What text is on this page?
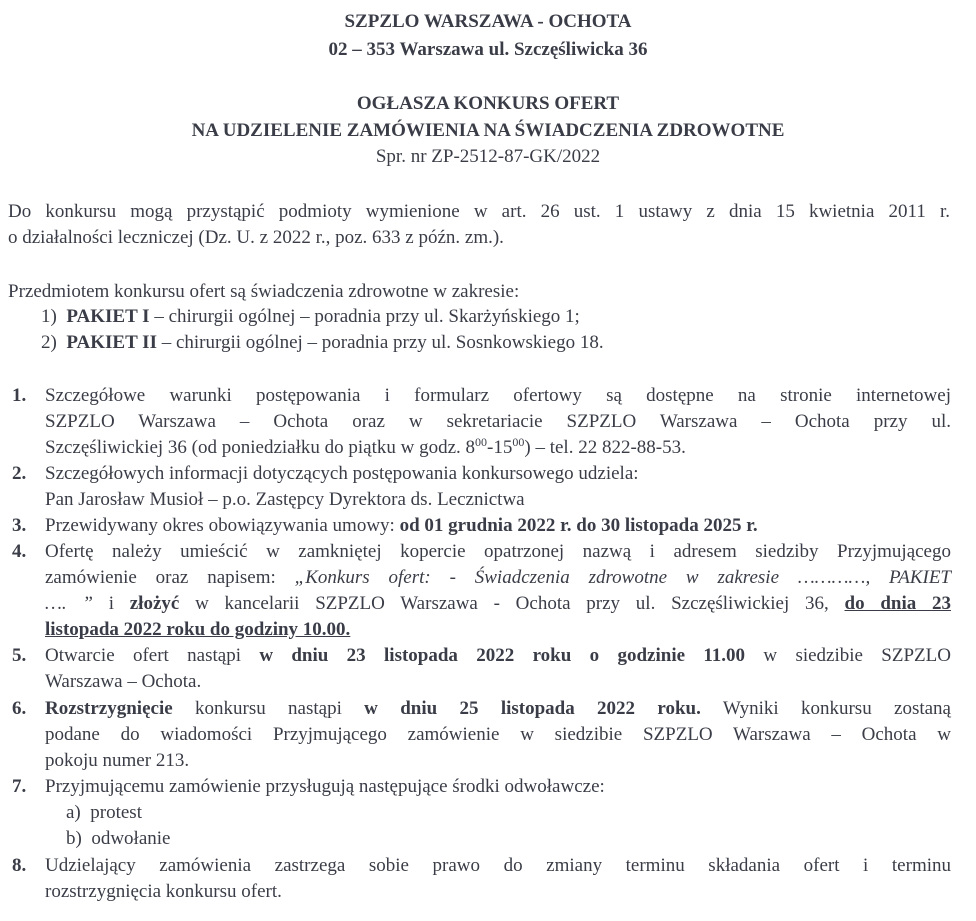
SZPZLO WARSZAWA - OCHOTA
02 – 353 Warszawa ul. Szczęśliwicka 36
OGŁASZA KONKURS OFERT
NA UDZIELENIE ZAMÓWIENIA NA ŚWIADCZENIA ZDROWOTNE
Spr. nr ZP-2512-87-GK/2022
Do konkursu mogą przystąpić podmioty wymienione w art. 26 ust. 1 ustawy z dnia 15 kwietnia 2011 r.
o działalności leczniczej (Dz. U. z 2022 r., poz. 633 z późn. zm.).
Przedmiotem konkursu ofert są świadczenia zdrowotne w zakresie:
1) PAKIET I – chirurgii ogólnej – poradnia przy ul. Skarżyńskiego 1;
2) PAKIET II – chirurgii ogólnej – poradnia przy ul. Sosnkowskiego 18.
1. Szczegółowe warunki postępowania i formularz ofertowy są dostępne na stronie internetowej
SZPZLO Warszawa – Ochota oraz w sekretariacie SZPZLO Warszawa – Ochota przy ul.
Szczęśliwickiej 36 (od poniedziałku do piątku w godz. $8^{00}-15^{00}$) – tel. 22 822-88-53.
2. Szczegółowych informacji dotyczących postępowania konkursowego udziela:
Pan Jarosław Musioł – p.o. Zastępcy Dyrektora ds. Lecznictwa
3. Przewidywany okres obowiązywania umowy: od 01 grudnia 2022 r. do 30 listopada 2025 r.
4. Ofertę należy umieścić w zamkniętej kopercie opatrzonej nazwą i adresem siedziby Przyjmującego
zamówienie oraz napisem: „Konkurs ofert: - Świadczenia zdrowotne w zakresie …………, PAKIET
…. ” i złożyć w kancelarii SZPZLO Warszawa - Ochota przy ul. Szczęśliwickiej 36, do dnia 23
listopada 2022 roku do godziny 10.00.
5. Otwarcie ofert nastąpi w dniu 23 listopada 2022 roku o godzinie 11.00 w siedzibie SZPZLO
Warszawa – Ochota.
6. Rozstrzygnięcie konkursu nastąpi w dniu 25 listopada 2022 roku. Wyniki konkursu zostaną
podane do wiadomości Przyjmującego zamówienie w siedzibie SZPZLO Warszawa – Ochota w
pokoju numer 213.
7. Przyjmującemu zamówienie przysługują następujące środki odwoławcze:
a) protest
b) odwołanie
8. Udzielający zamówienia zastrzega sobie prawo do zmiany terminu składania ofert i terminu
rozstrzygnięcia konkursu ofert.
